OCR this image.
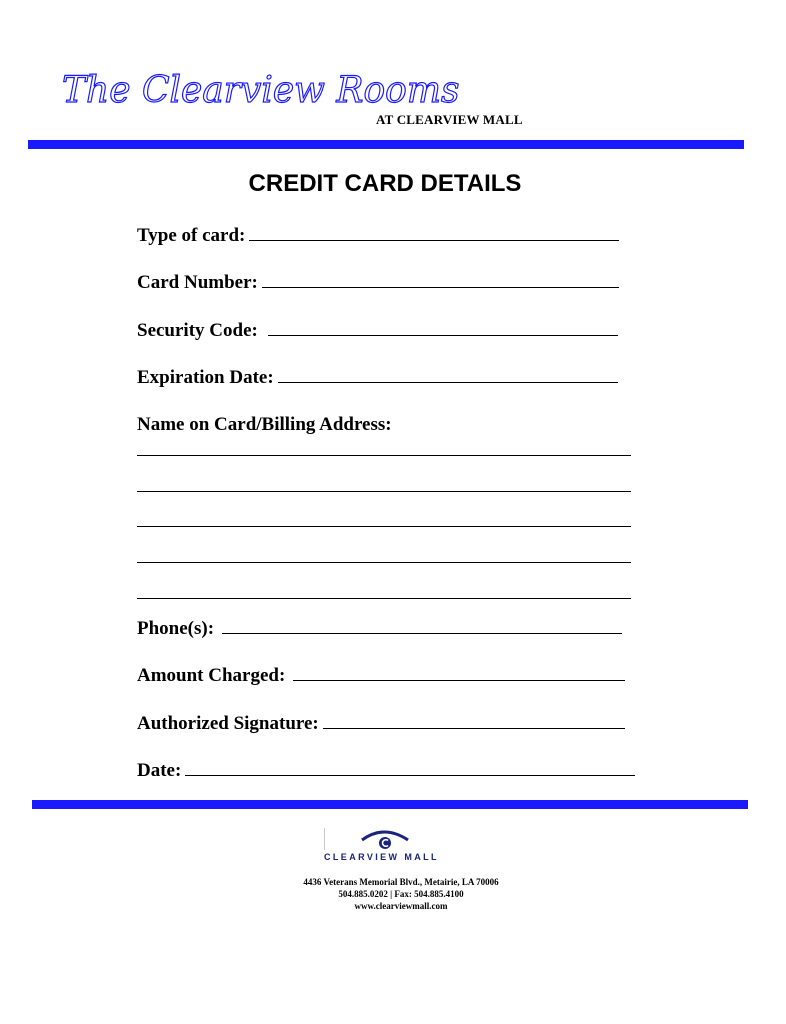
The Clearview Rooms
AT CLEARVIEW MALL
CREDIT CARD DETAILS
Type of card:
Card Number:
Security Code:
Expiration Date:
Name on Card/Billing Address:
Phone(s):
Amount Charged:
Authorized Signature:
Date:
CLEARVIEW MALL
4436 Veterans Memorial Blvd., Metairie, LA 70006
504.885.0202 | Fax: 504.885.4100
www.clearviewmall.com
